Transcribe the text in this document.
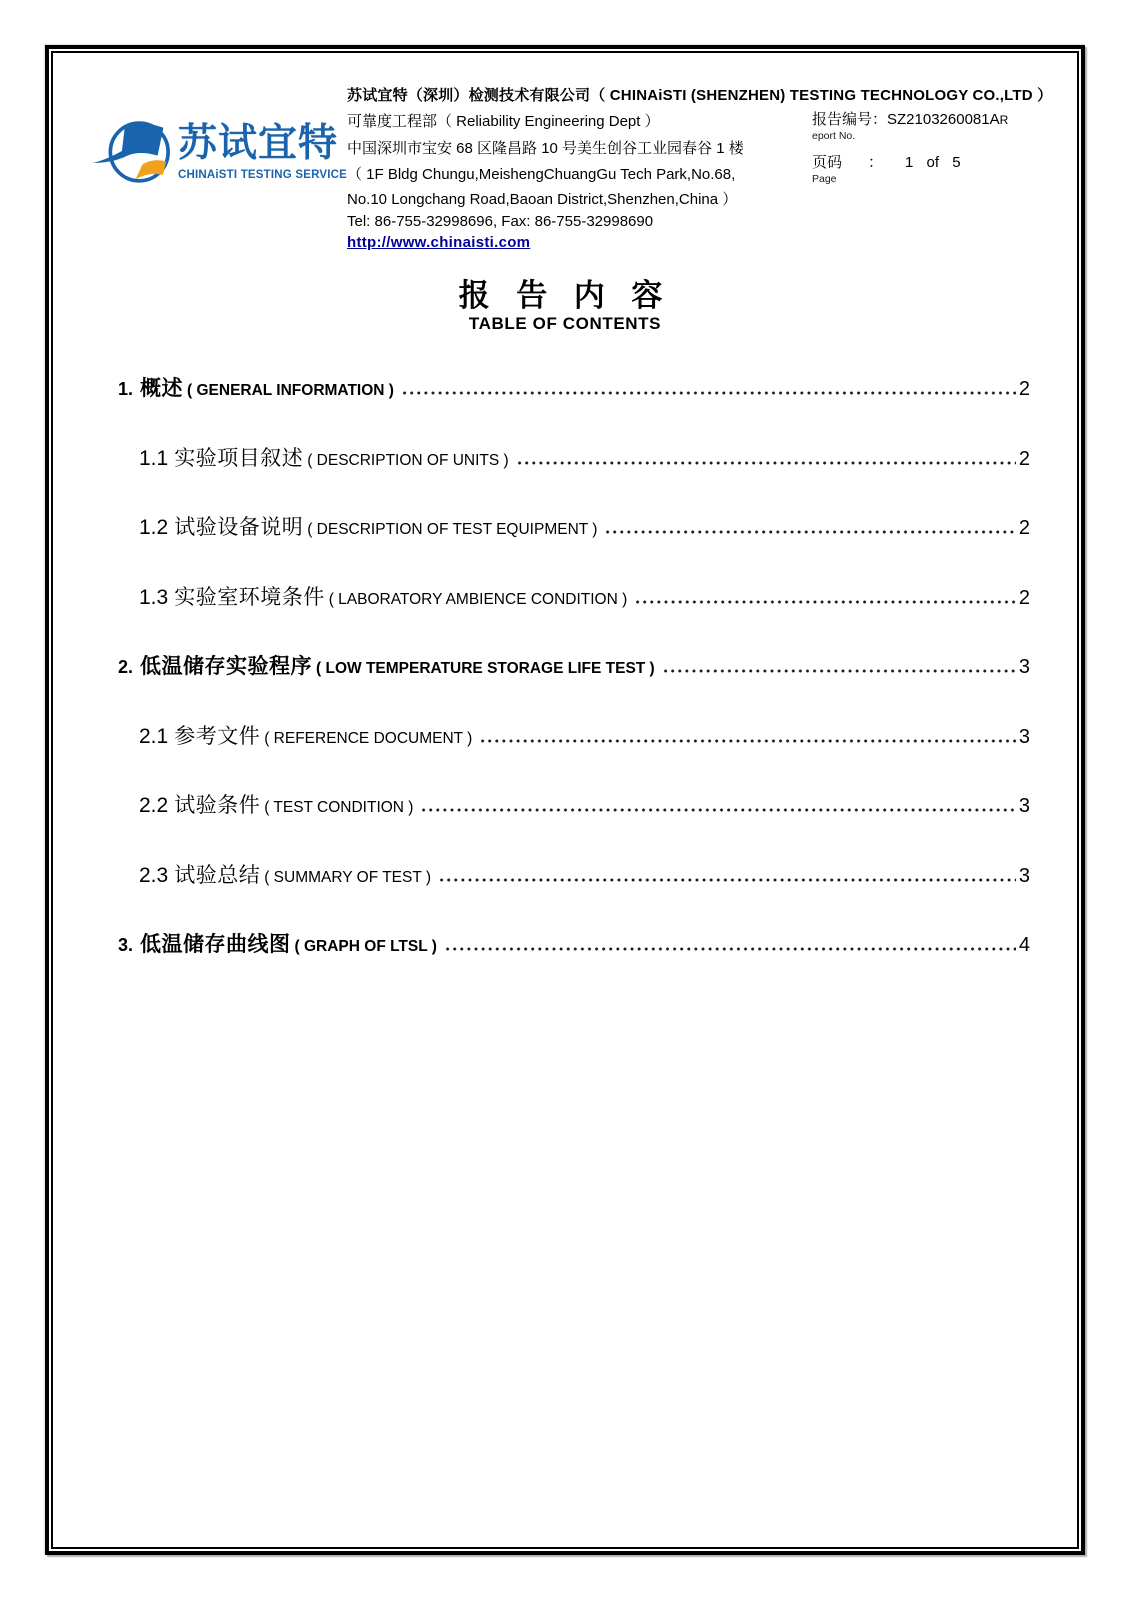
苏试宜特
CHINAiSTI TESTING SERVICE
苏试宜特（深圳）检测技术有限公司（ CHINAiSTI (SHENZHEN) TESTING TECHNOLOGY CO.,LTD ）
可靠度工程部（ Reliability Engineering Dept ）
中国深圳市宝安 68 区隆昌路 10 号美生创谷工业园春谷 1 楼
（ 1F Bldg Chungu,MeishengChuangGu Tech Park,No.68,
No.10 Longchang Road,Baoan District,Shenzhen,China ）
Tel: 86-755-32998696, Fax: 86-755-32998690
http://www.chinaisti.com
报告编号：SZ2103260081AR
eport No.
页码 ： 1 of 5
Page
报 告 内 容
TABLE OF CONTENTS
1. 概述 ( GENERAL INFORMATION )	2
1.1 实验项目叙述 ( DESCRIPTION OF UNITS )	2
1.2 试验设备说明 ( DESCRIPTION OF TEST EQUIPMENT )	2
1.3 实验室环境条件 ( LABORATORY AMBIENCE CONDITION )	2
2. 低温储存实验程序 ( LOW TEMPERATURE STORAGE LIFE TEST )	3
2.1 参考文件 ( REFERENCE DOCUMENT )	3
2.2 试验条件 ( TEST CONDITION )	3
2.3 试验总结 ( SUMMARY OF TEST )	3
3. 低温储存曲线图 ( GRAPH OF LTSL )	4
